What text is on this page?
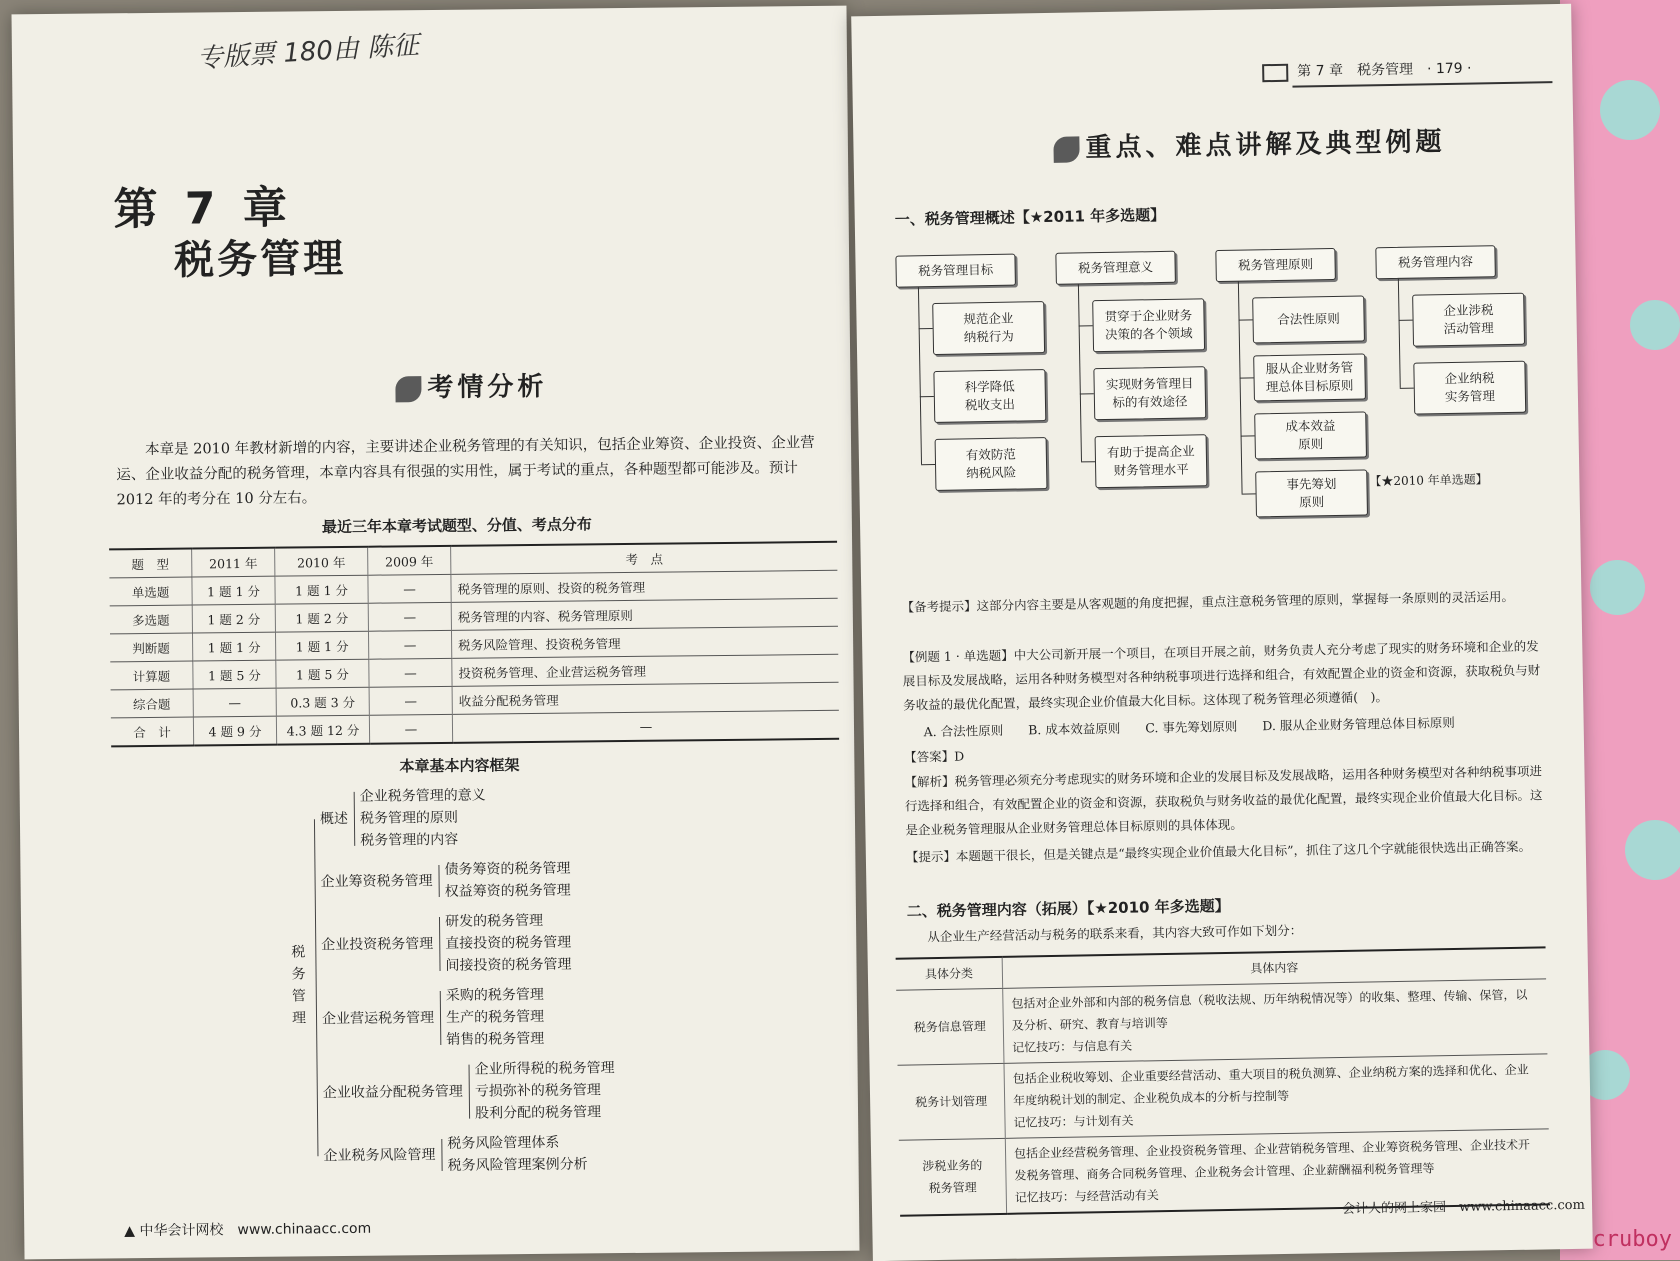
专版票 180由 陈征
第 7 章
税务管理
考情分析
本章是 2010 年教材新增的内容，主要讲述企业税务管理的有关知识，包括企业筹资、企业投资、企业营运、企业收益分配的税务管理，本章内容具有很强的实用性，属于考试的重点，各种题型都可能涉及。预计 2012 年的考分在 10 分左右。
最近三年本章考试题型、分值、考点分布
题　型	2011 年	2010 年	2009 年	考　点
单选题	1 题 1 分	1 题 1 分	—	税务管理的原则、投资的税务管理
多选题	1 题 2 分	1 题 2 分	—	税务管理的内容、税务管理原则
判断题	1 题 1 分	1 题 1 分	—	税务风险管理、投资税务管理
计算题	1 题 5 分	1 题 5 分	—	投资税务管理、企业营运税务管理
综合题	—	0.3 题 3 分	—	收益分配税务管理
合　计	4 题 9 分	4.3 题 12 分	—	—
本章基本内容框架
税务管理
概述
企业税务管理的意义
税务管理的原则
税务管理的内容
企业筹资税务管理
债务筹资的税务管理
权益筹资的税务管理
企业投资税务管理
研发的税务管理
直接投资的税务管理
间接投资的税务管理
企业营运税务管理
采购的税务管理
生产的税务管理
销售的税务管理
企业收益分配税务管理
企业所得税的税务管理
亏损弥补的税务管理
股利分配的税务管理
企业税务风险管理
税务风险管理体系
税务风险管理案例分析
▲ 中华会计网校　www.chinaacc.com
第 7 章　税务管理　· 179 ·
重点、难点讲解及典型例题
一、税务管理概述【★2011 年多选题】
税务管理目标
规范企业
纳税行为
科学降低
税收支出
有效防范
纳税风险
税务管理意义
贯穿于企业财务
决策的各个领域
实现财务管理目
标的有效途径
有助于提高企业
财务管理水平
税务管理原则
合法性原则
服从企业财务管
理总体目标原则
成本效益
原则
事先筹划
原则
税务管理内容
企业涉税
活动管理
企业纳税
实务管理
【★2010 年单选题】
【备考提示】这部分内容主要是从客观题的角度把握，重点注意税务管理的原则，掌握每一条原则的灵活运用。
【例题 1 · 单选题】中大公司新开展一个项目，在项目开展之前，财务负责人充分考虑了现实的财务环境和企业的发展目标及发展战略，运用各种财务模型对各种纳税事项进行选择和组合，有效配置企业的资金和资源，获取税负与财务收益的最优化配置，最终实现企业价值最大化目标。这体现了税务管理必须遵循(　)。
A. 合法性原则　　B. 成本效益原则　　C. 事先筹划原则　　D. 服从企业财务管理总体目标原则
【答案】D
【解析】税务管理必须充分考虑现实的财务环境和企业的发展目标及发展战略，运用各种财务模型对各种纳税事项进行选择和组合，有效配置企业的资金和资源，获取税负与财务收益的最优化配置，最终实现企业价值最大化目标。这是企业税务管理服从企业财务管理总体目标原则的具体体现。
【提示】本题题干很长，但是关键点是“最终实现企业价值最大化目标”，抓住了这几个字就能很快选出正确答案。
二、税务管理内容（拓展）【★2010 年多选题】
从企业生产经营活动与税务的联系来看，其内容大致可作如下划分：
具体分类	具体内容
税务信息管理	包括对企业外部和内部的税务信息（税收法规、历年纳税情况等）的收集、整理、传输、保管，以及分析、研究、教育与培训等
记忆技巧：与信息有关
税务计划管理	包括企业税收筹划、企业重要经营活动、重大项目的税负测算、企业纳税方案的选择和优化、企业年度纳税计划的制定、企业税负成本的分析与控制等
记忆技巧：与计划有关
涉税业务的
税务管理	包括企业经营税务管理、企业投资税务管理、企业营销税务管理、企业筹资税务管理、企业技术开发税务管理、商务合同税务管理、企业税务会计管理、企业薪酬福利税务管理等
记忆技巧：与经营活动有关
会计人的网上家园　www.chinaacc.com
cruboy
